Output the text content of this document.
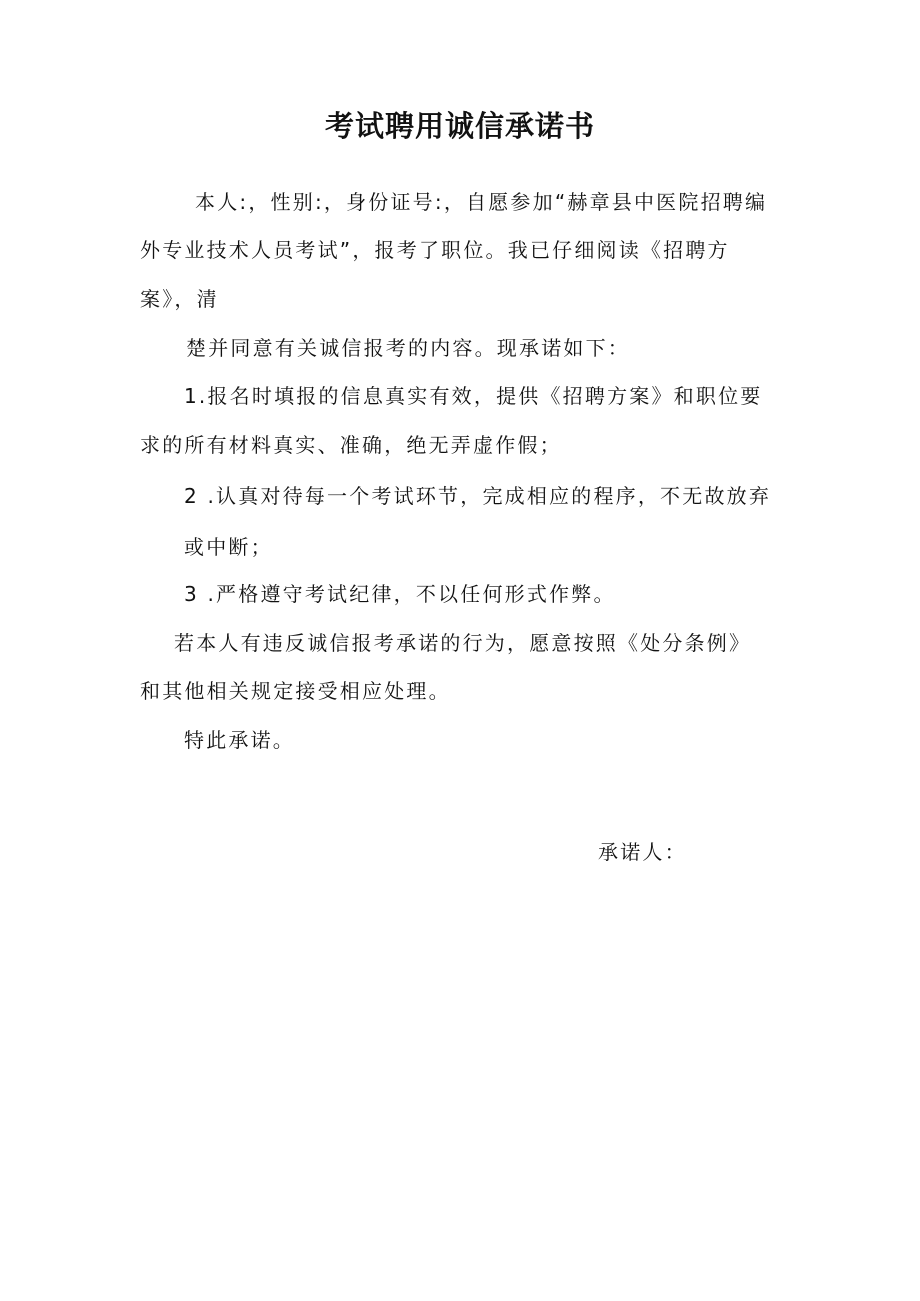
考试聘用诚信承诺书

本人:，性别:，身份证号:，自愿参加“赫章县中医院招聘编

外专业技术人员考试”，报考了职位。我已仔细阅读《招聘方

案》，清

楚并同意有关诚信报考的内容。现承诺如下：

1.报名时填报的信息真实有效，提供《招聘方案》和职位要

求的所有材料真实、准确，绝无弄虚作假；

2 .认真对待每一个考试环节，完成相应的程序，不无故放弃

或中断；

3 .严格遵守考试纪律，不以任何形式作弊。

若本人有违反诚信报考承诺的行为，愿意按照《处分条例》

和其他相关规定接受相应处理。

特此承诺。

承诺人：
